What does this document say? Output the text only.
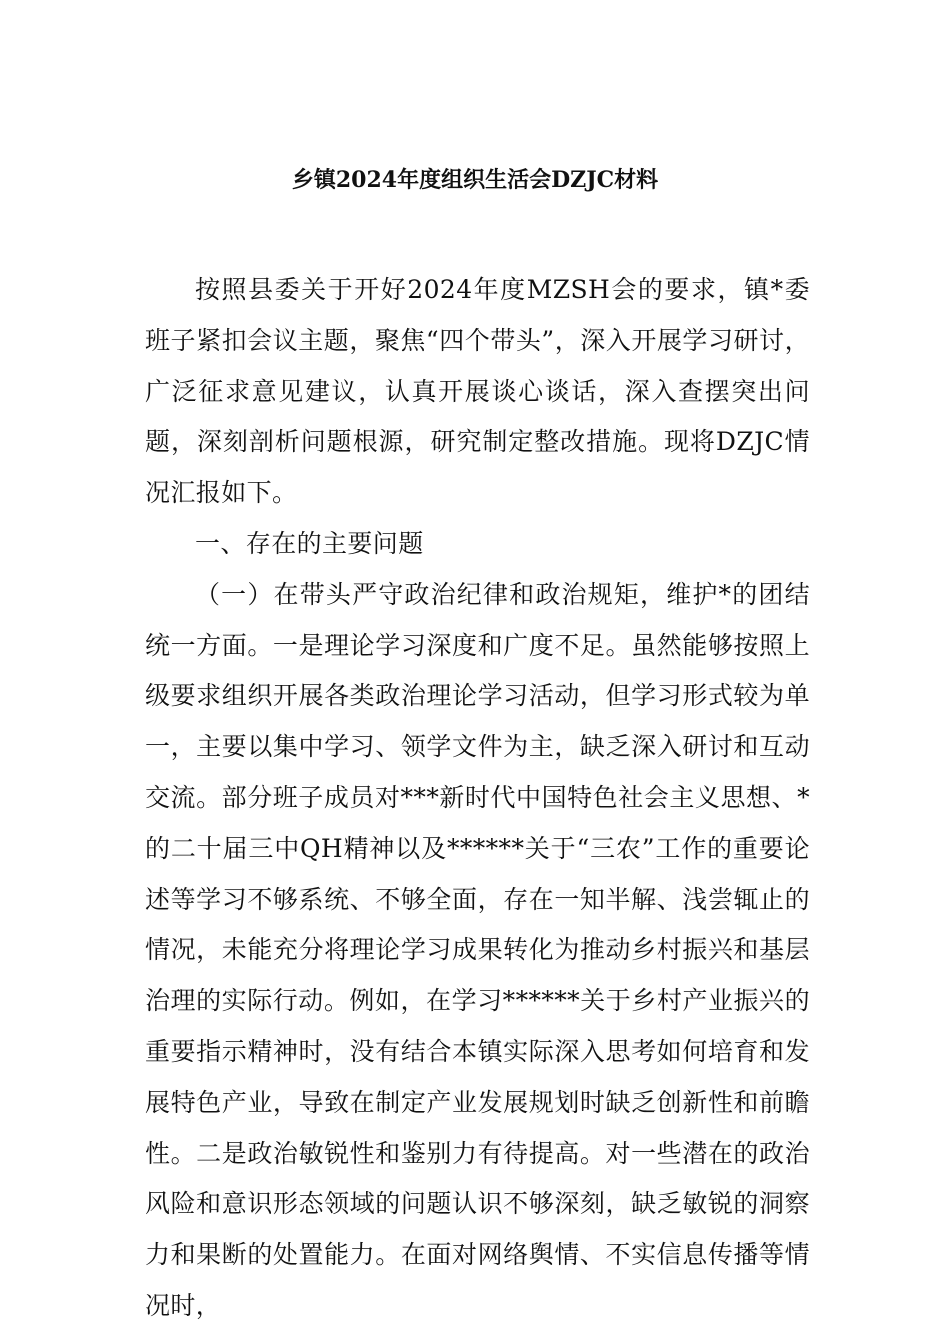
乡镇2024年度组织生活会DZJC材料

按照县委关于开好2024年度MZSH会的要求，镇*委班子紧扣会议主题，聚焦“四个带头”，深入开展学习研讨，广泛征求意见建议，认真开展谈心谈话，深入查摆突出问题，深刻剖析问题根源，研究制定整改措施。现将DZJC情况汇报如下。

一、存在的主要问题

（一）在带头严守政治纪律和政治规矩，维护*的团结统一方面。一是理论学习深度和广度不足。虽然能够按照上级要求组织开展各类政治理论学习活动，但学习形式较为单一，主要以集中学习、领学文件为主，缺乏深入研讨和互动交流。部分班子成员对***新时代中国特色社会主义思想、*的二十届三中QH精神以及******关于“三农”工作的重要论述等学习不够系统、不够全面，存在一知半解、浅尝辄止的情况，未能充分将理论学习成果转化为推动乡村振兴和基层治理的实际行动。例如，在学习******关于乡村产业振兴的重要指示精神时，没有结合本镇实际深入思考如何培育和发展特色产业，导致在制定产业发展规划时缺乏创新性和前瞻性。二是政治敏锐性和鉴别力有待提高。对一些潜在的政治风险和意识形态领域的问题认识不够深刻，缺乏敏锐的洞察力和果断的处置能力。在面对网络舆情、不实信息传播等情况时，
